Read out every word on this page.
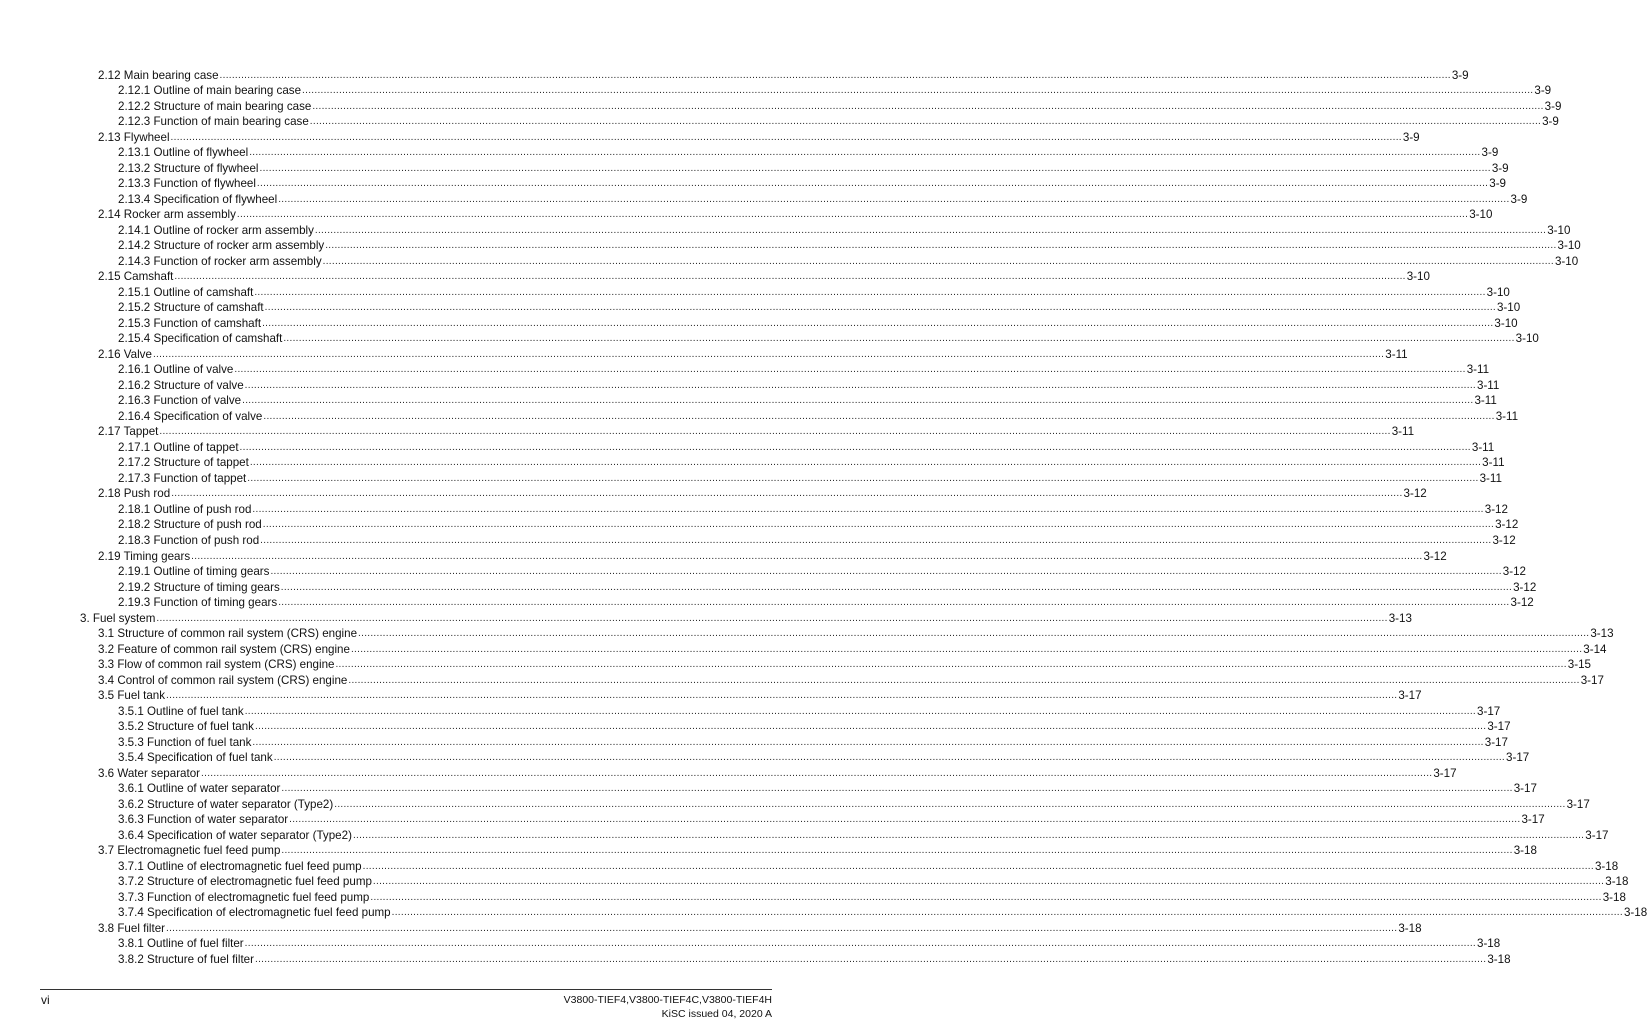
2.12 Main bearing case ................................................................................................................................................................................................................................................................................................................................................................................................................ 3-9
2.12.1 Outline of main bearing case ................................................................................................................................................................................................................................................................................................................................................................................................................ 3-9
2.12.2 Structure of main bearing case ................................................................................................................................................................................................................................................................................................................................................................................................................ 3-9
2.12.3 Function of main bearing case ................................................................................................................................................................................................................................................................................................................................................................................................................ 3-9
2.13 Flywheel ................................................................................................................................................................................................................................................................................................................................................................................................................ 3-9
2.13.1 Outline of flywheel ................................................................................................................................................................................................................................................................................................................................................................................................................ 3-9
2.13.2 Structure of flywheel ................................................................................................................................................................................................................................................................................................................................................................................................................ 3-9
2.13.3 Function of flywheel ................................................................................................................................................................................................................................................................................................................................................................................................................ 3-9
2.13.4 Specification of flywheel ................................................................................................................................................................................................................................................................................................................................................................................................................ 3-9
2.14 Rocker arm assembly ................................................................................................................................................................................................................................................................................................................................................................................................................ 3-10
2.14.1 Outline of rocker arm assembly ................................................................................................................................................................................................................................................................................................................................................................................................................ 3-10
2.14.2 Structure of rocker arm assembly ................................................................................................................................................................................................................................................................................................................................................................................................................ 3-10
2.14.3 Function of rocker arm assembly ................................................................................................................................................................................................................................................................................................................................................................................................................ 3-10
2.15 Camshaft ................................................................................................................................................................................................................................................................................................................................................................................................................ 3-10
2.15.1 Outline of camshaft ................................................................................................................................................................................................................................................................................................................................................................................................................ 3-10
2.15.2 Structure of camshaft ................................................................................................................................................................................................................................................................................................................................................................................................................ 3-10
2.15.3 Function of camshaft ................................................................................................................................................................................................................................................................................................................................................................................................................ 3-10
2.15.4 Specification of camshaft ................................................................................................................................................................................................................................................................................................................................................................................................................ 3-10
2.16 Valve ................................................................................................................................................................................................................................................................................................................................................................................................................ 3-11
2.16.1 Outline of valve ................................................................................................................................................................................................................................................................................................................................................................................................................ 3-11
2.16.2 Structure of valve ................................................................................................................................................................................................................................................................................................................................................................................................................ 3-11
2.16.3 Function of valve ................................................................................................................................................................................................................................................................................................................................................................................................................ 3-11
2.16.4 Specification of valve ................................................................................................................................................................................................................................................................................................................................................................................................................ 3-11
2.17 Tappet ................................................................................................................................................................................................................................................................................................................................................................................................................ 3-11
2.17.1 Outline of tappet ................................................................................................................................................................................................................................................................................................................................................................................................................ 3-11
2.17.2 Structure of tappet ................................................................................................................................................................................................................................................................................................................................................................................................................ 3-11
2.17.3 Function of tappet ................................................................................................................................................................................................................................................................................................................................................................................................................ 3-11
2.18 Push rod ................................................................................................................................................................................................................................................................................................................................................................................................................ 3-12
2.18.1 Outline of push rod ................................................................................................................................................................................................................................................................................................................................................................................................................ 3-12
2.18.2 Structure of push rod ................................................................................................................................................................................................................................................................................................................................................................................................................ 3-12
2.18.3 Function of push rod ................................................................................................................................................................................................................................................................................................................................................................................................................ 3-12
2.19 Timing gears ................................................................................................................................................................................................................................................................................................................................................................................................................ 3-12
2.19.1 Outline of timing gears ................................................................................................................................................................................................................................................................................................................................................................................................................ 3-12
2.19.2 Structure of timing gears ................................................................................................................................................................................................................................................................................................................................................................................................................ 3-12
2.19.3 Function of timing gears ................................................................................................................................................................................................................................................................................................................................................................................................................ 3-12
3. Fuel system ................................................................................................................................................................................................................................................................................................................................................................................................................ 3-13
3.1 Structure of common rail system (CRS) engine ................................................................................................................................................................................................................................................................................................................................................................................................................ 3-13
3.2 Feature of common rail system (CRS) engine ................................................................................................................................................................................................................................................................................................................................................................................................................ 3-14
3.3 Flow of common rail system (CRS) engine ................................................................................................................................................................................................................................................................................................................................................................................................................ 3-15
3.4 Control of common rail system (CRS) engine ................................................................................................................................................................................................................................................................................................................................................................................................................ 3-17
3.5 Fuel tank ................................................................................................................................................................................................................................................................................................................................................................................................................ 3-17
3.5.1 Outline of fuel tank ................................................................................................................................................................................................................................................................................................................................................................................................................ 3-17
3.5.2 Structure of fuel tank ................................................................................................................................................................................................................................................................................................................................................................................................................ 3-17
3.5.3 Function of fuel tank ................................................................................................................................................................................................................................................................................................................................................................................................................ 3-17
3.5.4 Specification of fuel tank ................................................................................................................................................................................................................................................................................................................................................................................................................ 3-17
3.6 Water separator ................................................................................................................................................................................................................................................................................................................................................................................................................ 3-17
3.6.1 Outline of water separator ................................................................................................................................................................................................................................................................................................................................................................................................................ 3-17
3.6.2 Structure of water separator (Type2) ................................................................................................................................................................................................................................................................................................................................................................................................................ 3-17
3.6.3 Function of water separator ................................................................................................................................................................................................................................................................................................................................................................................................................ 3-17
3.6.4 Specification of water separator (Type2) ................................................................................................................................................................................................................................................................................................................................................................................................................ 3-17
3.7 Electromagnetic fuel feed pump ................................................................................................................................................................................................................................................................................................................................................................................................................ 3-18
3.7.1 Outline of electromagnetic fuel feed pump ................................................................................................................................................................................................................................................................................................................................................................................................................ 3-18
3.7.2 Structure of electromagnetic fuel feed pump ................................................................................................................................................................................................................................................................................................................................................................................................................ 3-18
3.7.3 Function of electromagnetic fuel feed pump ................................................................................................................................................................................................................................................................................................................................................................................................................ 3-18
3.7.4 Specification of electromagnetic fuel feed pump ................................................................................................................................................................................................................................................................................................................................................................................................................ 3-18
3.8 Fuel filter ................................................................................................................................................................................................................................................................................................................................................................................................................ 3-18
3.8.1 Outline of fuel filter ................................................................................................................................................................................................................................................................................................................................................................................................................ 3-18
3.8.2 Structure of fuel filter ................................................................................................................................................................................................................................................................................................................................................................................................................ 3-18
vi	V3800-TIEF4,V3800-TIEF4C,V3800-TIEF4H
KiSC issued 04, 2020 A
